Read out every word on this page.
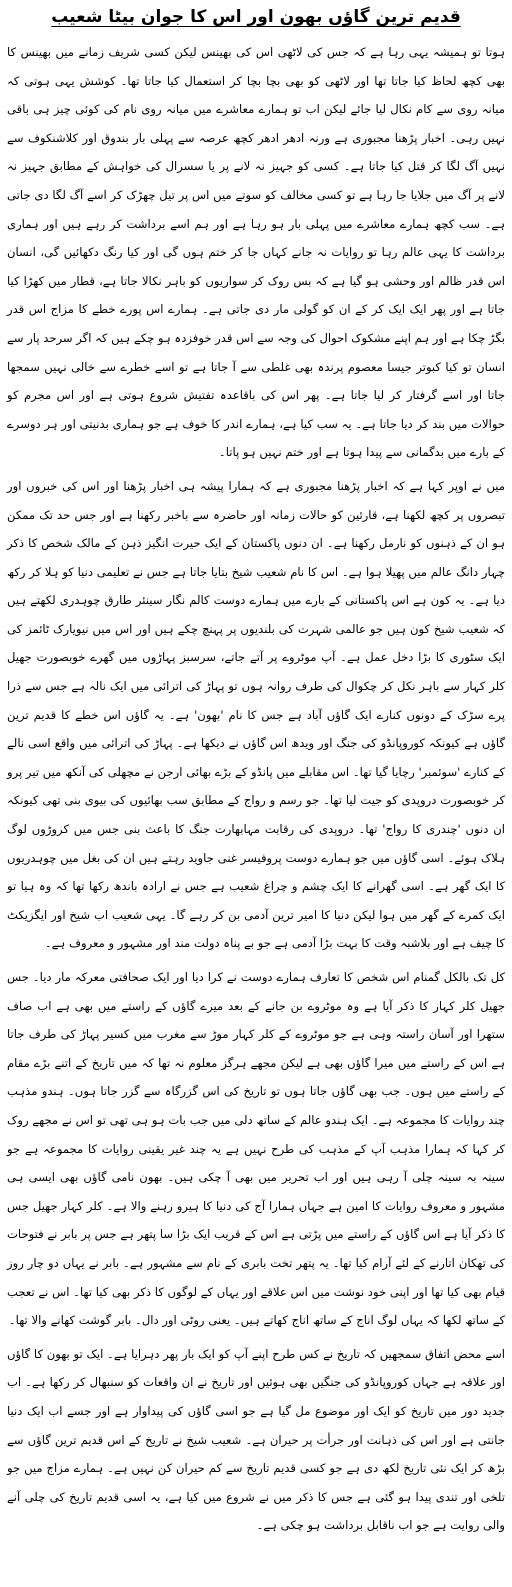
قدیم ترین گاؤں بھون اور اس کا جوان بیٹا شعیب

ہوتا تو ہمیشہ یہی رہا ہے کہ جس کی لاٹھی اس کی بھینس لیکن کسی شریف زمانے میں بھینس کا بھی کچھ لحاظ کیا جاتا تھا اور لاٹھی کو بھی بچا بچا کر استعمال کیا جاتا تھا۔ کوشش یہی ہوتی کہ میانہ روی سے کام نکال لیا جائے لیکن اب تو ہمارے معاشرے میں میانہ روی نام کی کوئی چیز ہی باقی نہیں رہی۔ اخبار پڑھنا مجبوری ہے ورنہ ادھر ادھر کچھ عرصہ سے پہلی بار بندوق اور کلاشنکوف سے نہیں آگ لگا کر قتل کیا جاتا ہے۔ کسی کو جہیز نہ لانے پر یا سسرال کی خواہش کے مطابق جہیز نہ لانے پر آگ میں جلایا جا رہا ہے تو کسی مخالف کو سوتے میں اس پر تیل چھڑک کر اسے آگ لگا دی جاتی ہے۔ سب کچھ ہمارے معاشرے میں پہلی بار ہو رہا ہے اور ہم اسے برداشت کر رہے ہیں اور ہماری برداشت کا یہی عالم رہا تو روایات نہ جانے کہاں جا کر ختم ہوں گی اور کیا رنگ دکھائیں گی، انسان اس قدر ظالم اور وحشی ہو گیا ہے کہ بس روک کر سواریوں کو باہر نکالا جاتا ہے، قطار میں کھڑا کیا جاتا ہے اور پھر ایک ایک کر کے ان کو گولی مار دی جاتی ہے۔ ہمارے اس پورے خطے کا مزاج اس قدر بگڑ چکا ہے اور ہم اپنے مشکوک احوال کی وجہ سے اس قدر خوفزدہ ہو چکے ہیں کہ اگر سرحد پار سے انسان تو کیا کبوتر جیسا معصوم پرندہ بھی غلطی سے آ جاتا ہے تو اسے خطرے سے خالی نہیں سمجھا جاتا اور اسے گرفتار کر لیا جاتا ہے۔ پھر اس کی باقاعدہ تفتیش شروع ہوتی ہے اور اس مجرم کو حوالات میں بند کر دیا جاتا ہے۔ یہ سب کیا ہے، ہمارے اندر کا خوف ہے جو ہماری بدنیتی اور ہر دوسرے کے بارے میں بدگمانی سے پیدا ہوتا ہے اور ختم نہیں ہو پاتا۔

میں نے اوپر کہا ہے کہ اخبار پڑھنا مجبوری ہے کہ ہمارا پیشہ ہی اخبار پڑھنا اور اس کی خبروں اور تبصروں پر کچھ لکھنا ہے، قارئین کو حالات زمانہ اور حاضرہ سے باخبر رکھنا ہے اور جس حد تک ممکن ہو ان کے ذہنوں کو نارمل رکھنا ہے۔ ان دنوں پاکستان کے ایک حیرت انگیز ذہن کے مالک شخص کا ذکر چہار دانگ عالم میں پھیلا ہوا ہے۔ اس کا نام شعیب شیخ بتایا جاتا ہے جس نے تعلیمی دنیا کو ہلا کر رکھ دیا ہے۔ یہ کون ہے اس پاکستانی کے بارے میں ہمارے دوست کالم نگار سینئر طارق چوہدری لکھتے ہیں کہ شعیب شیخ کون ہیں جو عالمی شہرت کی بلندیوں پر پہنچ چکے ہیں اور اس میں نیویارک ٹائمز کی ایک سٹوری کا بڑا دخل عمل ہے۔ آپ موٹروے پر آتے جاتے، سرسبز پہاڑوں میں گھرے خوبصورت جھیل کلر کہار سے باہر نکل کر چکوال کی طرف روانہ ہوں تو پہاڑ کی اترائی میں ایک نالہ ہے جس سے ذرا پرے سڑک کے دونوں کنارے ایک گاؤں آباد ہے جس کا نام 'بھون' ہے۔ یہ گاؤں اس خطے کا قدیم ترین گاؤں ہے کیونکہ کوروپانڈو کی جنگ اور ویدھ اس گاؤں نے دیکھا ہے۔ پہاڑ کی اترائی میں واقع اسی نالے کے کنارے 'سوئمبر' رچایا گیا تھا۔ اس مقابلے میں پانڈو کے بڑے بھائی ارجن نے مچھلی کی آنکھ میں تیر پرو کر خوبصورت دروپدی کو جیت لیا تھا۔ جو رسم و رواج کے مطابق سب بھائیوں کی بیوی بنی تھی کیونکہ ان دنوں 'چندری کا رواج' تھا۔ دروپدی کی رقابت مہابھارت جنگ کا باعث بنی جس میں کروڑوں لوگ ہلاک ہوئے۔ اسی گاؤں میں جو ہمارے دوست پروفیسر غنی جاوید رہتے ہیں ان کی بغل میں چوہدریوں کا ایک گھر ہے۔ اسی گھرانے کا ایک چشم و چراغ شعیب ہے جس نے ارادہ باندھ رکھا تھا کہ وہ ہیا تو ایک کمرے کے گھر میں ہوا لیکن دنیا کا امیر ترین آدمی بن کر رہے گا۔ یہی شعیب اب شیخ اور ایگزیکٹ کا چیف ہے اور بلاشبہ وقت کا بہت بڑا آدمی ہے جو بے پناہ دولت مند اور مشہور و معروف ہے۔

کل تک بالکل گمنام اس شخص کا تعارف ہمارے دوست نے کرا دیا اور ایک صحافتی معرکہ مار دیا۔ جس جھیل کلر کہار کا ذکر آیا ہے وہ موٹروے بن جانے کے بعد میرے گاؤں کے راستے میں بھی ہے اب صاف ستھرا اور آسان راستہ وہی ہے جو موٹروے کے کلر کہار موڑ سے مغرب میں کسیر پہاڑ کی طرف جاتا ہے اس کے راستے میں میرا گاؤں بھی ہے لیکن مجھے ہرگز معلوم نہ تھا کہ میں تاریخ کے اتنے بڑے مقام کے راستے میں ہوں۔ جب بھی گاؤں جاتا ہوں تو تاریخ کی اس گزرگاہ سے گزر جاتا ہوں۔ ہندو مذہب چند روایات کا مجموعہ ہے۔ ایک ہندو عالم کے ساتھ دلی میں جب بات ہو ہی تھی تو اس نے مجھے روک کر کہا کہ ہمارا مذہب آپ کے مذہب کی طرح نہیں ہے یہ چند غیر یقینی روایات کا مجموعہ ہے جو سینہ بہ سینہ چلی آ رہی ہیں اور اب تحریر میں بھی آ چکی ہیں۔ بھون نامی گاؤں بھی ایسی ہی مشہور و معروف روایات کا امین ہے جہاں ہمارا آج کی دنیا کا ہیرو رہنے والا ہے۔ کلر کہار جھیل جس کا ذکر آیا ہے اس گاؤں کے راستے میں پڑتی ہے اس کے قریب ایک بڑا سا پتھر ہے جس پر بابر نے فتوحات کی تھکان اتارنے کے لئے آرام کیا تھا۔ یہ پتھر تخت بابری کے نام سے مشہور ہے۔ بابر نے یہاں دو چار روز قیام بھی کیا تھا اور اپنی خود نوشت میں اس علاقے اور یہاں کے لوگوں کا ذکر بھی کیا تھا۔ اس نے تعجب کے ساتھ لکھا کہ یہاں لوگ اناج کے ساتھ اناج کھاتے ہیں۔ یعنی روٹی اور دال۔ بابر گوشت کھانے والا تھا۔

اسے محض اتفاق سمجھیں کہ تاریخ نے کس طرح اپنے آپ کو ایک بار پھر دہرایا ہے۔ ایک تو بھون کا گاؤں اور علاقہ ہے جہاں کوروپانڈو کی جنگیں بھی ہوئیں اور تاریخ نے ان واقعات کو سنبھال کر رکھا ہے۔ اب جدید دور میں تاریخ کو ایک اور موضوع مل گیا ہے جو اسی گاؤں کی پیداوار ہے اور جسے اب ایک دنیا جانتی ہے اور اس کی ذہانت اور جرأت پر حیران ہے۔ شعیب شیخ نے تاریخ کے اس قدیم ترین گاؤں سے بڑھ کر ایک نئی تاریخ لکھ دی ہے جو کسی قدیم تاریخ سے کم حیران کن نہیں ہے۔ ہمارے مزاج میں جو تلخی اور تندی پیدا ہو گئی ہے جس کا ذکر میں نے شروع میں کیا ہے، یہ اسی قدیم تاریخ کی چلی آنے والی روایت ہے جو اب ناقابل برداشت ہو چکی ہے۔
